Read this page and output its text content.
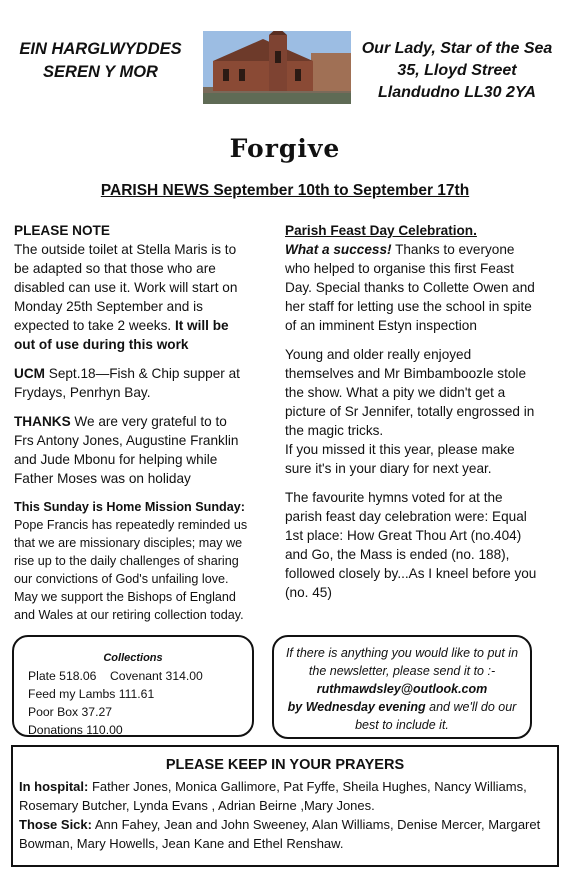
EIN HARGLWYDDES
SEREN Y MOR
Our Lady, Star of the Sea
35, Lloyd Street
Llandudno LL30 2YA
Forgive
PARISH NEWS September 10th to September 17th

PLEASE NOTE
The outside toilet at Stella Maris is to be adapted so that those who are disabled can use it. Work will start on Monday 25th September and is expected to take 2 weeks. It will be out of use during this work

UCM Sept.18—Fish & Chip supper at Frydays, Penrhyn Bay.

THANKS We are very grateful to to Frs Antony Jones, Augustine Franklin and Jude Mbonu for helping while Father Moses was on holiday

This Sunday is Home Mission Sunday: Pope Francis has repeatedly reminded us that we are missionary disciples; may we rise up to the daily challenges of sharing our convictions of God's unfailing love. May we support the Bishops of England and Wales at our retiring collection today.

Parish Feast Day Celebration.
What a success! Thanks to everyone who helped to organise this first Feast Day. Special thanks to Collette Owen and her staff for letting use the school in spite of an imminent Estyn inspection

Young and older really enjoyed themselves and Mr Bimbamboozle stole the show. What a pity we didn't get a picture of Sr Jennifer, totally engrossed in the magic tricks.
If you missed it this year, please make sure it's in your diary for next year.

The favourite hymns voted for at the parish feast day celebration were: Equal 1st place: How Great Thou Art (no.404) and Go, the Mass is ended (no. 188), followed closely by...As I kneel before you (no. 45)

Collections
Plate 518.06 Covenant 314.00
Feed my Lambs 111.61
Poor Box 37.27
Donations 110.00
If there is anything you would like to put in the newsletter, please send it to :-
ruthmawdsley@outlook.com
by Wednesday evening and we'll do our best to include it.
PLEASE KEEP IN YOUR PRAYERS
In hospital: Father Jones, Monica Gallimore, Pat Fyffe, Sheila Hughes, Nancy Williams, Rosemary Butcher, Lynda Evans , Adrian Beirne ,Mary Jones.
Those Sick: Ann Fahey, Jean and John Sweeney, Alan Williams, Denise Mercer, Margaret Bowman, Mary Howells, Jean Kane and Ethel Renshaw.
